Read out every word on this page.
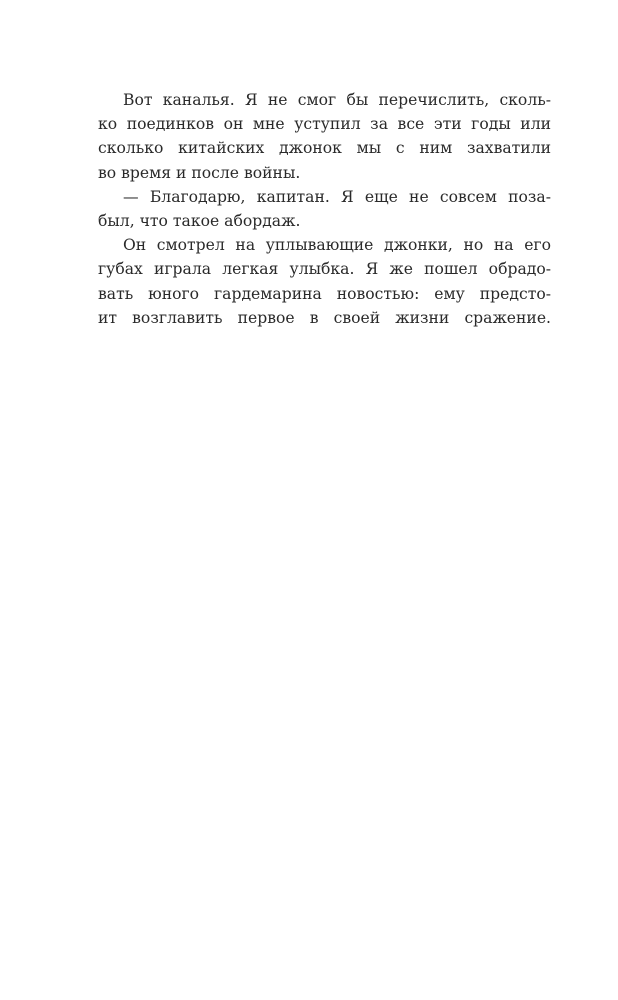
Вот каналья. Я не смог бы перечислить, сколь-
ко поединков он мне уступил за все эти годы или
сколько китайских джонок мы с ним захватили
во время и после войны.
— Благодарю, капитан. Я еще не совсем поза-
был, что такое абордаж.
Он смотрел на уплывающие джонки, но на его
губах играла легкая улыбка. Я же пошел обрадо-
вать юного гардемарина новостью: ему предсто-
ит возглавить первое в своей жизни сражение.
